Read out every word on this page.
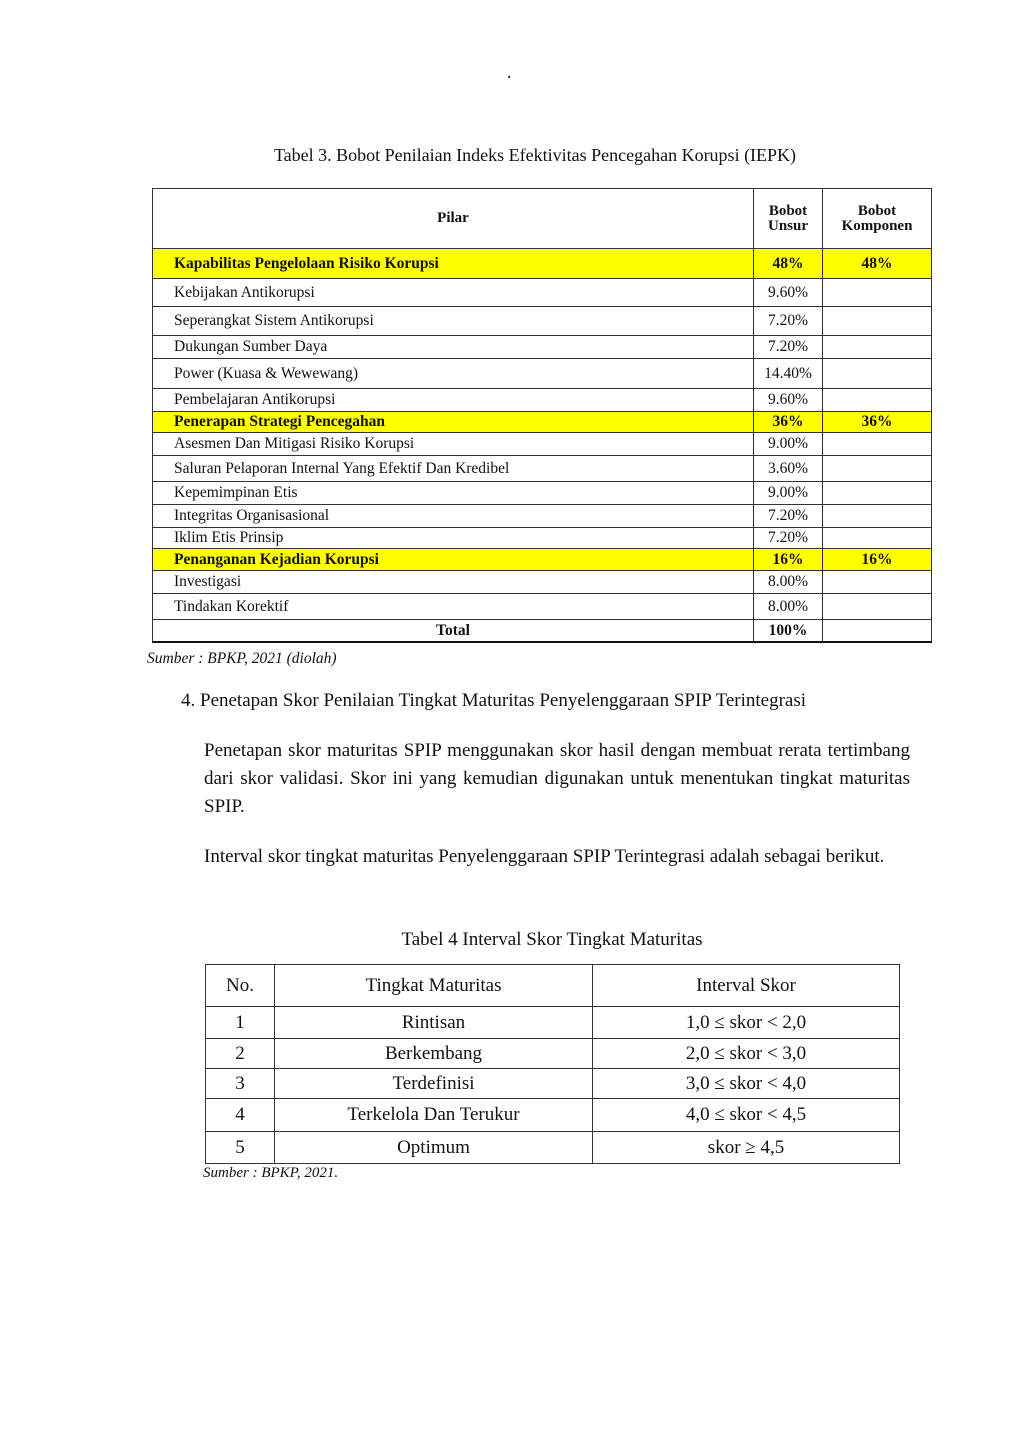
.
Tabel 3. Bobot Penilaian Indeks Efektivitas Pencegahan Korupsi (IEPK)
Pilar	Bobot Unsur	Bobot Komponen
Kapabilitas Pengelolaan Risiko Korupsi	48%	48%
Kebijakan Antikorupsi	9.60%	
Seperangkat Sistem Antikorupsi	7.20%	
Dukungan Sumber Daya	7.20%	
Power (Kuasa & Wewewang)	14.40%	
Pembelajaran Antikorupsi	9.60%	
Penerapan Strategi Pencegahan	36%	36%
Asesmen Dan Mitigasi Risiko Korupsi	9.00%	
Saluran Pelaporan Internal Yang Efektif Dan Kredibel	3.60%	
Kepemimpinan Etis	9.00%	
Integritas Organisasional	7.20%	
Iklim Etis Prinsip	7.20%	
Penanganan Kejadian Korupsi	16%	16%
Investigasi	8.00%	
Tindakan Korektif	8.00%	
Total	100%	
Sumber : BPKP, 2021 (diolah)
4. Penetapan Skor Penilaian Tingkat Maturitas Penyelenggaraan SPIP Terintegrasi
Penetapan skor maturitas SPIP menggunakan skor hasil dengan membuat rerata tertimbang dari skor validasi. Skor ini yang kemudian digunakan untuk menentukan tingkat maturitas SPIP.
Interval skor tingkat maturitas Penyelenggaraan SPIP Terintegrasi adalah sebagai berikut.
Tabel 4 Interval Skor Tingkat Maturitas
No.	Tingkat Maturitas	Interval Skor
1	Rintisan	1,0 ≤ skor < 2,0
2	Berkembang	2,0 ≤ skor < 3,0
3	Terdefinisi	3,0 ≤ skor < 4,0
4	Terkelola Dan Terukur	4,0 ≤ skor < 4,5
5	Optimum	skor ≥ 4,5
Sumber : BPKP, 2021.
